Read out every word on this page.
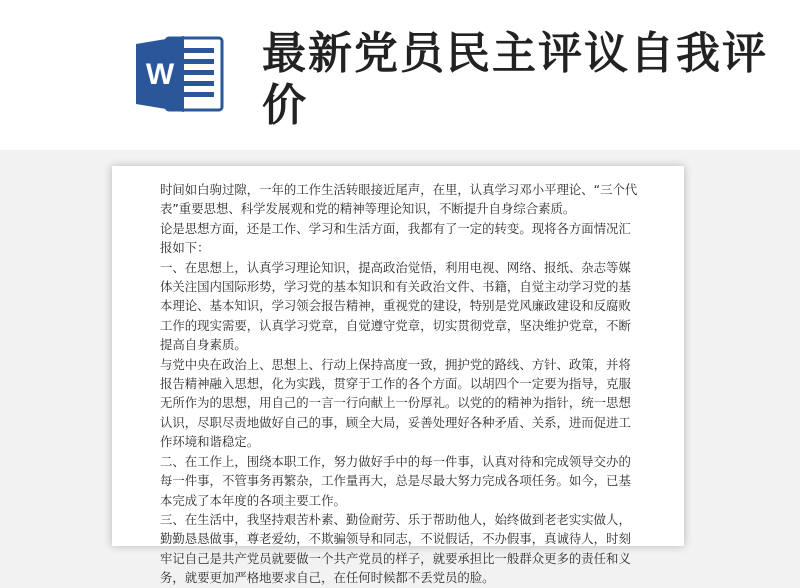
W 最新党员民主评议自我评价

时间如白驹过隙，一年的工作生活转眼接近尾声，在里，认真学习邓小平理论、“三个代表”重要思想、科学发展观和党的精神等理论知识，不断提升自身综合素质。

论是思想方面，还是工作、学习和生活方面，我都有了一定的转变。现将各方面情况汇报如下：

一、在思想上，认真学习理论知识，提高政治觉悟，利用电视、网络、报纸、杂志等媒体关注国内国际形势，学习党的基本知识和有关政治文件、书籍，自觉主动学习党的基本理论、基本知识，学习领会报告精神，重视党的建设，特别是党风廉政建设和反腐败工作的现实需要，认真学习党章，自觉遵守党章，切实贯彻党章，坚决维护党章，不断提高自身素质。

与党中央在政治上、思想上、行动上保持高度一致，拥护党的路线、方针、政策，并将报告精神融入思想，化为实践，贯穿于工作的各个方面。以胡四个一定要为指导，克服无所作为的思想，用自己的一言一行向献上一份厚礼。以党的的精神为指针，统一思想认识，尽职尽责地做好自己的事，顾全大局，妥善处理好各种矛盾、关系，进而促进工作环境和谐稳定。

二、在工作上，围绕本职工作，努力做好手中的每一件事，认真对待和完成领导交办的每一件事，不管事务再繁杂，工作量再大，总是尽最大努力完成各项任务。如今，已基本完成了本年度的各项主要工作。

三、在生活中，我坚持艰苦朴素、勤俭耐劳、乐于帮助他人，始终做到老老实实做人，勤勤恳恳做事，尊老爱幼，不欺骗领导和同志，不说假话，不办假事，真诚待人，时刻牢记自己是共产党员就要做一个共产党员的样子，就要承担比一般群众更多的责任和义务，就要更加严格地要求自己，在任何时候都不丢党员的脸。
